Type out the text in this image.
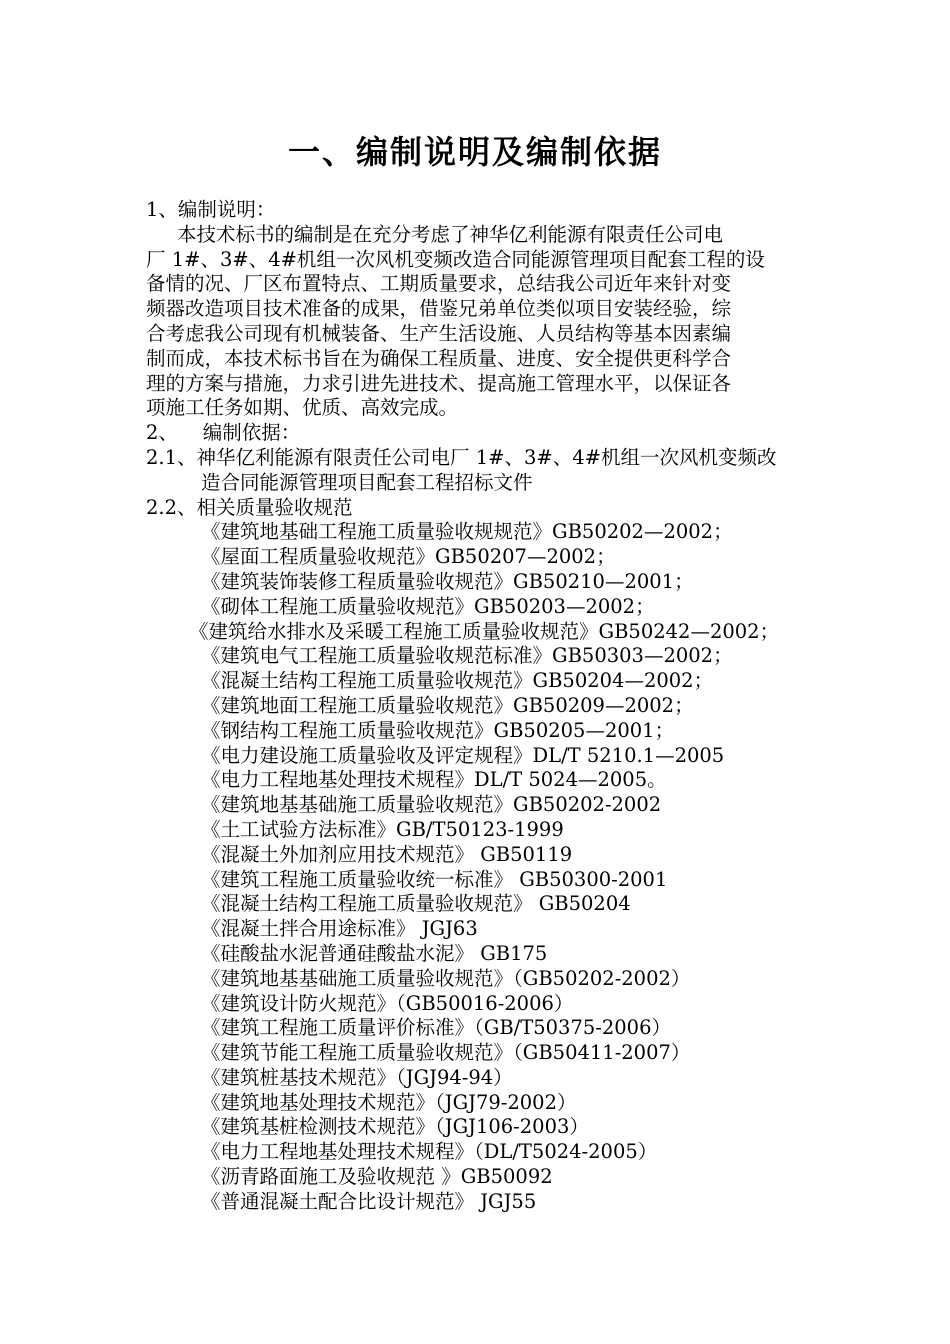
一、编制说明及编制依据
1、编制说明：
本技术标书的编制是在充分考虑了神华亿利能源有限责任公司电
厂 1#、3#、4#机组一次风机变频改造合同能源管理项目配套工程的设
备情的况、厂区布置特点、工期质量要求，总结我公司近年来针对变
频器改造项目技术准备的成果，借鉴兄弟单位类似项目安装经验，综
合考虑我公司现有机械装备、生产生活设施、人员结构等基本因素编
制而成，本技术标书旨在为确保工程质量、进度、安全提供更科学合
理的方案与措施，力求引进先进技术、提高施工管理水平，以保证各
项施工任务如期、优质、高效完成。
2、    编制依据：
2.1、神华亿利能源有限责任公司电厂 1#、3#、4#机组一次风机变频改
造合同能源管理项目配套工程招标文件
2.2、相关质量验收规范
《建筑地基础工程施工质量验收规规范》GB50202—2002；
《屋面工程质量验收规范》GB50207—2002；
《建筑装饰装修工程质量验收规范》GB50210—2001；
《砌体工程施工质量验收规范》GB50203—2002；
《建筑给水排水及采暖工程施工质量验收规范》GB50242—2002；
《建筑电气工程施工质量验收规范标准》GB50303—2002；
《混凝土结构工程施工质量验收规范》GB50204—2002；
《建筑地面工程施工质量验收规范》GB50209—2002；
《钢结构工程施工质量验收规范》GB50205—2001；
《电力建设施工质量验收及评定规程》DL/T 5210.1—2005
《电力工程地基处理技术规程》DL/T 5024—2005。
《建筑地基基础施工质量验收规范》GB50202-2002
《土工试验方法标准》GB/T50123-1999
《混凝土外加剂应用技术规范》 GB50119
《建筑工程施工质量验收统一标准》 GB50300-2001
《混凝土结构工程施工质量验收规范》 GB50204
《混凝土拌合用途标准》 JGJ63
《硅酸盐水泥普通硅酸盐水泥》 GB175
《建筑地基基础施工质量验收规范》（GB50202-2002）
《建筑设计防火规范》（GB50016-2006）
《建筑工程施工质量评价标准》（GB/T50375-2006）
《建筑节能工程施工质量验收规范》（GB50411-2007）
《建筑桩基技术规范》（JGJ94-94）
《建筑地基处理技术规范》（JGJ79-2002）
《建筑基桩检测技术规范》（JGJ106-2003）
《电力工程地基处理技术规程》（DL/T5024-2005）
《沥青路面施工及验收规范 》GB50092
《普通混凝土配合比设计规范》 JGJ55
